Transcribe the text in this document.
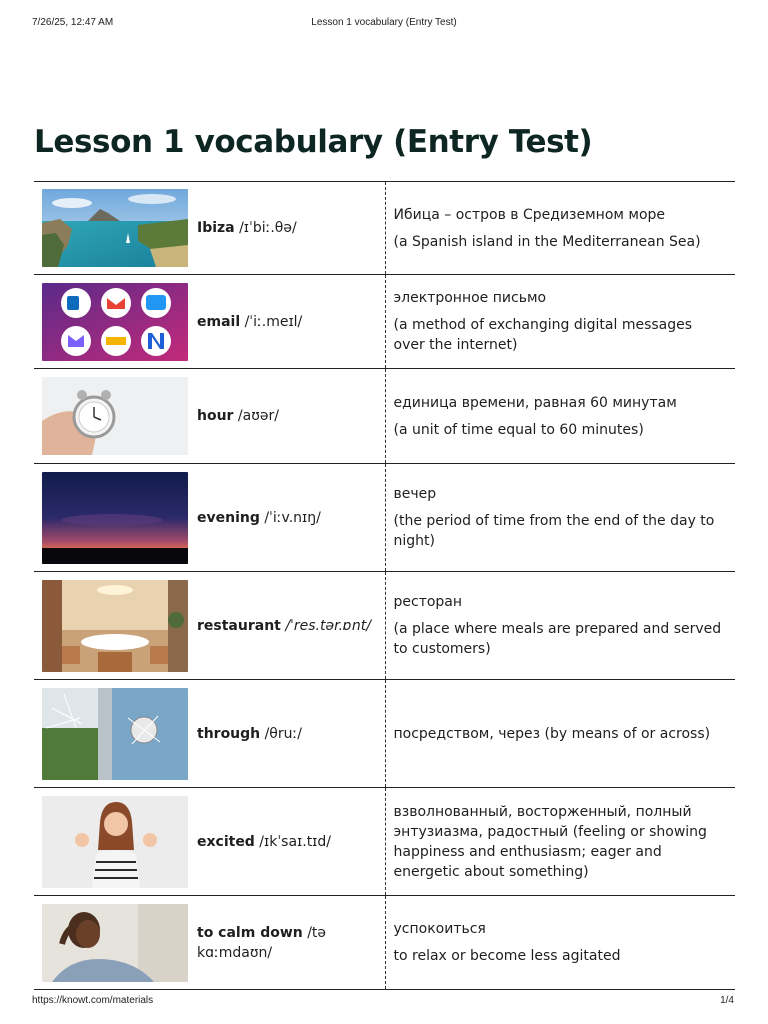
7/26/25, 12:47 AM	Lesson 1 vocabulary (Entry Test)
Lesson 1 vocabulary (Entry Test)
Ibiza /ɪˈbiː.θə/	Ибица – остров в Средиземном море

(a Spanish island in the Mediterranean Sea)

email /ˈiː.meɪl/	электронное письмо

(a method of exchanging digital messages over the internet)

hour /aʊər/	единица времени, равная 60 минутам

(a unit of time equal to 60 minutes)

evening /ˈiːv.nɪŋ/	вечер

(the period of time from the end of the day to night)

restaurant /ˈres.tər.ɒnt/	ресторан

(a place where meals are prepared and served to customers)

through /θruː/	посредством, через (by means of or across)

excited /ɪkˈsaɪ.tɪd/	взволнованный, восторженный, полный энтузиазма, радостный (feeling or showing happiness and enthusiasm; eager and energetic about something)

to calm down /tə kɑːmdaʊn/	успокоиться

to relax or become less agitated

https://knowt.com/materials	1/4
